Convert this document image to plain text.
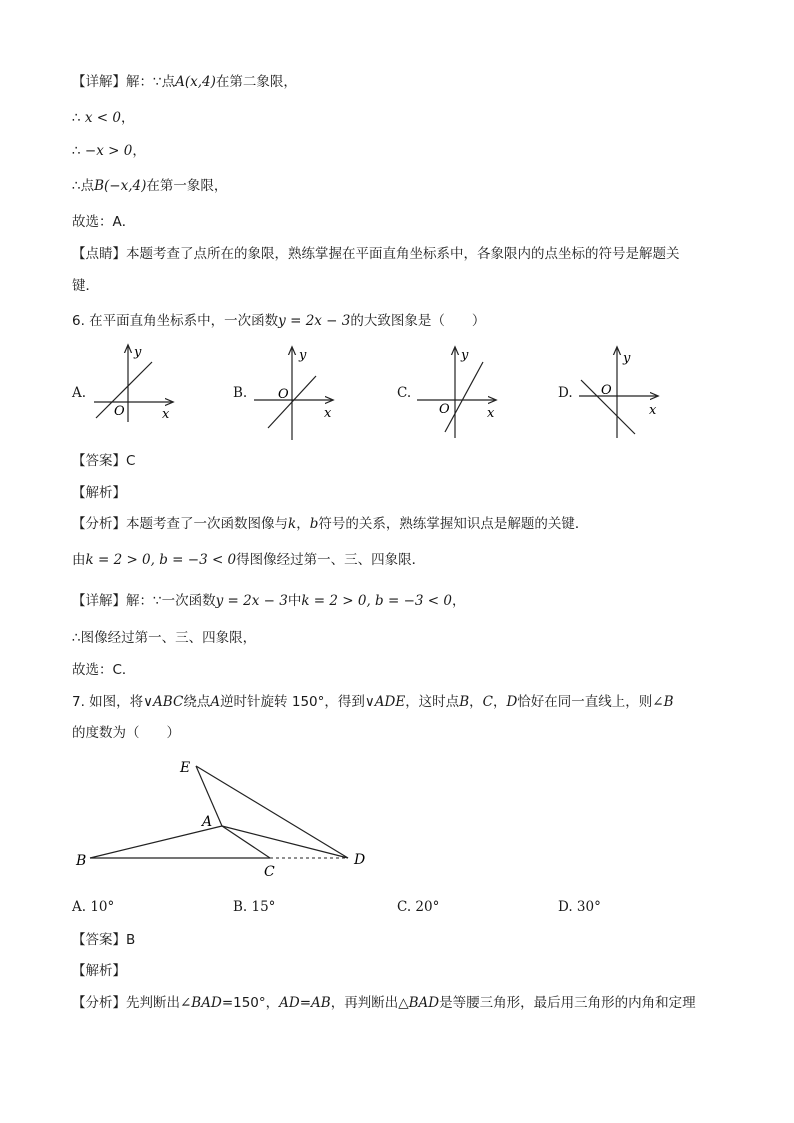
【详解】解：∵点A(x,4)在第二象限，
∴ x < 0，
∴ −x > 0，
∴点B(−x,4)在第一象限，
故选：A．
【点睛】本题考查了点所在的象限，熟练掌握在平面直角坐标系中，各象限内的点坐标的符号是解题关
键．
6. 在平面直角坐标系中，一次函数y = 2x − 3的大致图象是（　　）
A.	B.	C.	D.
y
x
O
y
x
O
y
x
O
y
x
O
【答案】C
【解析】
【分析】本题考查了一次函数图像与k，b符号的关系，熟练掌握知识点是解题的关键．
由k = 2 > 0, b = −3 < 0得图像经过第一、三、四象限．
【详解】解：∵一次函数y = 2x − 3中k = 2 > 0, b = −3 < 0，
∴图像经过第一、三、四象限，
故选：C．
7. 如图，将∨ABC绕点A逆时针旋转 150°，得到∨ADE，这时点B，C，D恰好在同一直线上，则∠B
的度数为（　　）
E
A
B
C
D
A. 10°	B. 15°	C. 20°	D. 30°
【答案】B
【解析】
【分析】先判断出∠BAD=150°，AD=AB，再判断出△BAD是等腰三角形，最后用三角形的内角和定理
